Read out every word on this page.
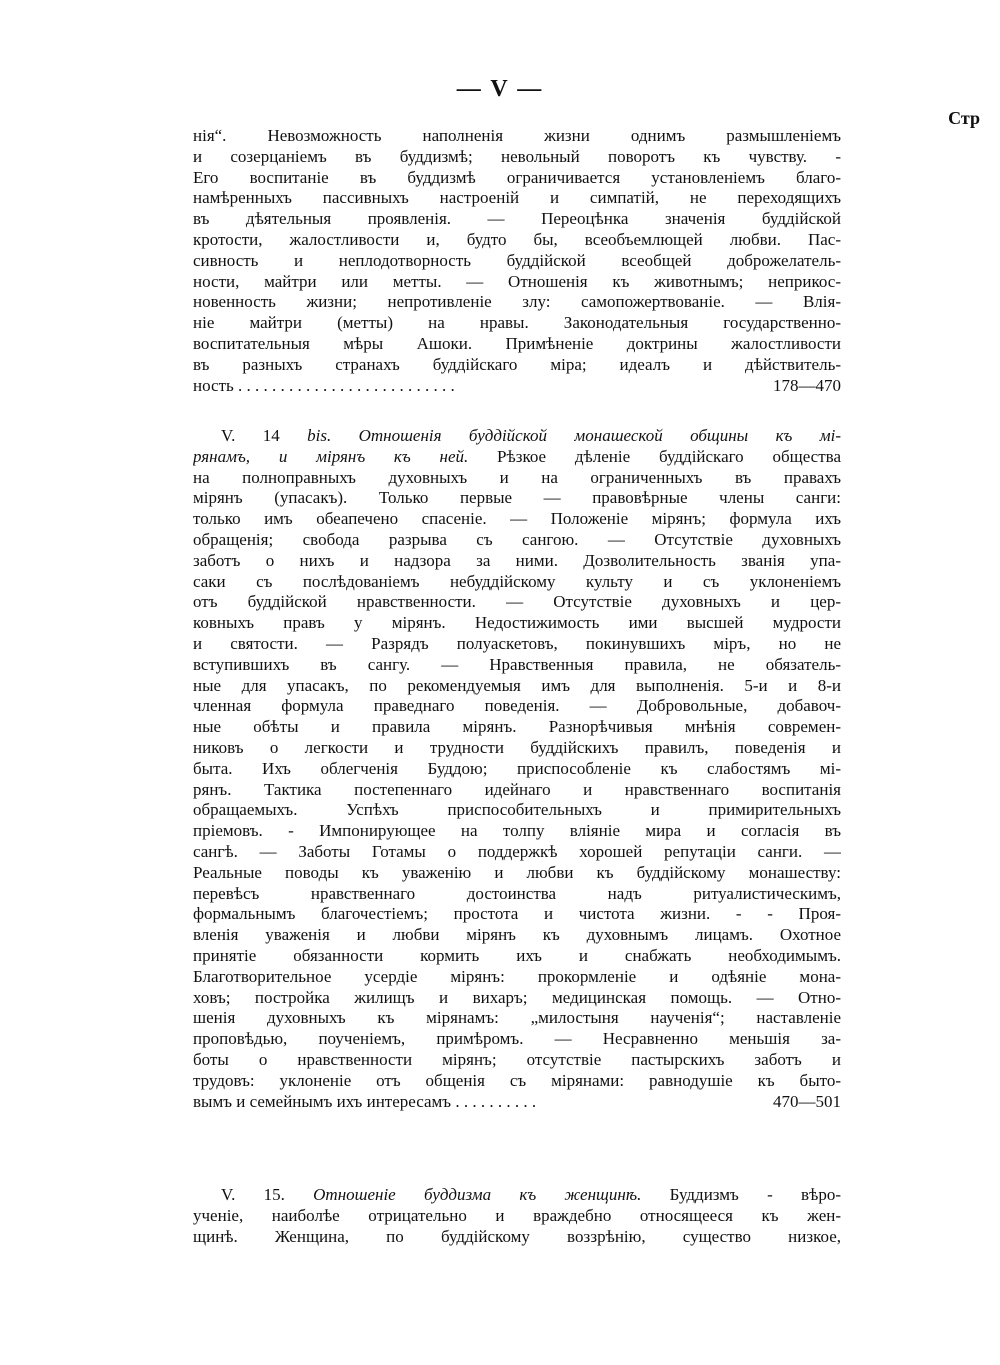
— V —
Стр
нія“. Невозможность наполненія жизни однимъ размышленіемъ
и созерцаніемъ въ буддизмѣ; невольный поворотъ къ чувству. -
Его воспитаніе въ буддизмѣ ограничивается установленіемъ благо-
намѣренныхъ пассивныхъ настроеній и симпатій, не переходящихъ
въ дѣятельныя проявленія. — Переоцѣнка значенія буддійской
кротости, жалостливости и, будто бы, всеобъемлющей любви. Пас-
сивность и неплодотворность буддійской всеобщей доброжелатель-
ности, майтри или метты. — Отношенія къ животнымъ; неприкос-
новенность жизни; непротивленіе злу: самопожертвованіе. — Влія-
ніе майтри (метты) на нравы. Законодательныя государственно-
воспитательныя мѣры Ашоки. Примѣненіе доктрины жалостливости
въ разныхъ странахъ буддійскаго міра; идеалъ и дѣйствитель-
ность . . . . . . . . . . . . . . . . . . . . . . . . . .	178—470
V. 14 bis. Отношенія буддійской монашеской общины къ мі-
рянамъ, и мірянъ къ ней. Рѣзкое дѣленіе буддійскаго общества
на полноправныхъ духовныхъ и на ограниченныхъ въ правахъ
мірянъ (упасакъ). Только первые — правовѣрные члены санги:
только имъ обеапечено спасеніе. — Положеніе мірянъ; формула ихъ
обращенія; свобода разрыва съ сангою. — Отсутствіе духовныхъ
заботъ о нихъ и надзора за ними. Дозволительность званія упа-
саки съ послѣдованіемъ небуддійскому культу и съ уклоненіемъ
отъ буддійской нравственности. — Отсутствіе духовныхъ и цер-
ковныхъ правъ у мірянъ. Недостижимость ими высшей мудрости
и святости. — Разрядъ полуаскетовъ, покинувшихъ міръ, но не
вступившихъ въ сангу. — Нравственныя правила, не обязатель-
ные для упасакъ, по рекомендуемыя имъ для выполненія. 5-и и 8-и
членная формула праведнаго поведенія. — Добровольные, добавоч-
ные обѣты и правила мірянъ. Разнорѣчивыя мнѣнія современ-
никовъ о легкости и трудности буддійскихъ правилъ, поведенія и
быта. Ихъ облегченія Буддою; приспособленіе къ слабостямъ мі-
рянъ. Тактика постепеннаго идейнаго и нравственнаго воспитанія
обращаемыхъ. Успѣхъ приспособительныхъ и примирительныхъ
пріемовъ. - Импонирующее на толпу вліяніе мира и согласія въ
сангѣ. — Заботы Готамы о поддержкѣ хорошей репутаціи санги. —
Реальные поводы къ уваженію и любви къ буддійскому монашеству:
перевѣсъ нравственнаго достоинства надъ ритуалистическимъ,
формальнымъ благочестіемъ; простота и чистота жизни. - - Проя-
вленія уваженія и любви мірянъ къ духовнымъ лицамъ. Охотное
принятіе обязанности кормить ихъ и снабжать необходимымъ.
Благотворительное усердіе мірянъ: прокормленіе и одѣяніе мона-
ховъ; постройка жилищъ и вихаръ; медицинская помощь. — Отно-
шенія духовныхъ къ мірянамъ: „милостыня наученія“; наставленіе
проповѣдью, поученіемъ, примѣромъ. — Несравненно меньшія за-
боты о нравственности мірянъ; отсутствіе пастырскихъ заботъ и
трудовъ: уклоненіе отъ общенія съ мірянами: равнодушіе къ быто-
вымъ и семейнымъ ихъ интересамъ . . . . . . . . . .	470—501
V. 15. Отношеніе буддизма къ женщинѣ. Буддизмъ - вѣро-
ученіе, наиболѣе отрицательно и враждебно относящееся къ жен-
щинѣ. Женщина, по буддійскому воззрѣнію, существо низкое,
